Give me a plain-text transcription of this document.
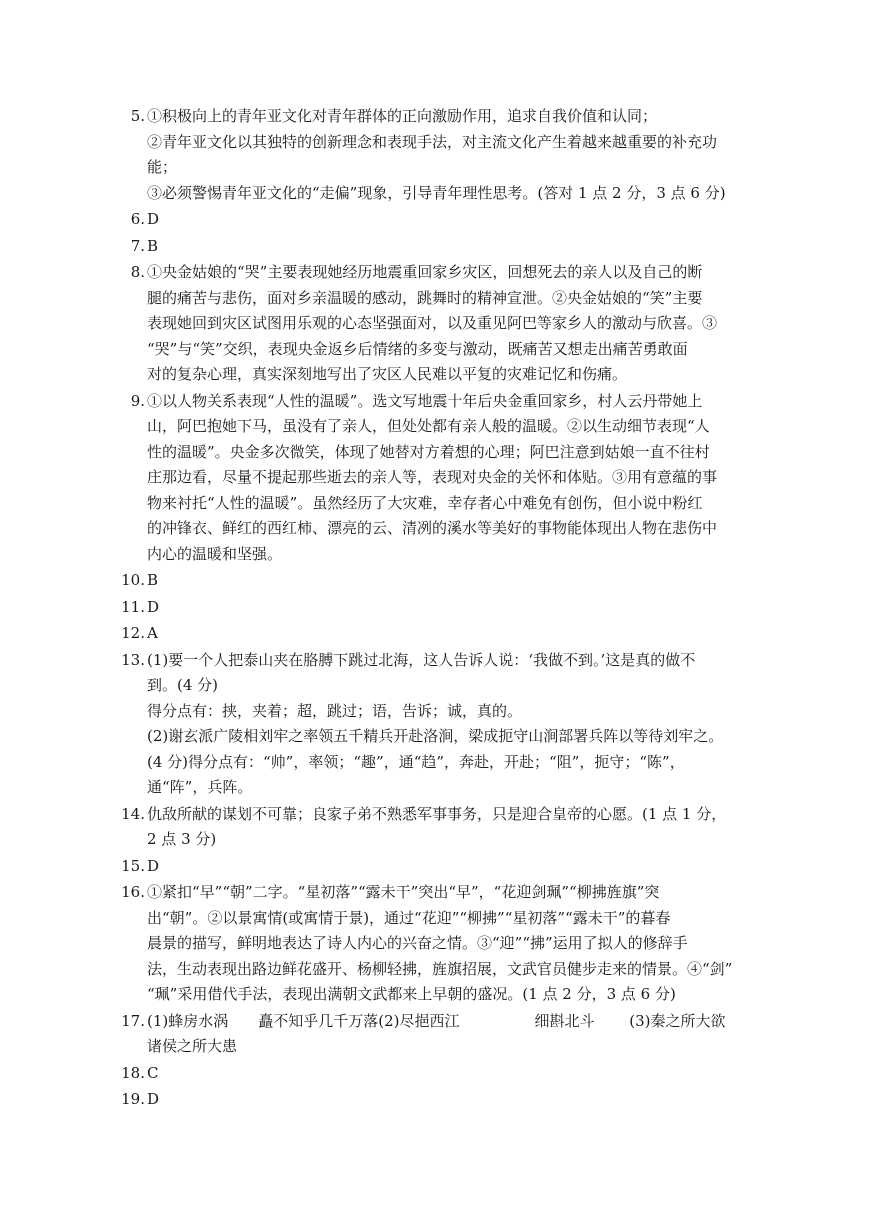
5. ①积极向上的青年亚文化对青年群体的正向激励作用，追求自我价值和认同；
②青年亚文化以其独特的创新理念和表现手法，对主流文化产生着越来越重要的补充功
能；
③必须警惕青年亚文化的“走偏”现象，引导青年理性思考。(答对 1 点 2 分，3 点 6 分)
6. D
7. B
8. ①央金姑娘的“哭”主要表现她经历地震重回家乡灾区，回想死去的亲人以及自己的断
腿的痛苦与悲伤，面对乡亲温暖的感动，跳舞时的精神宣泄。②央金姑娘的“笑”主要
表现她回到灾区试图用乐观的心态坚强面对，以及重见阿巴等家乡人的激动与欣喜。③
“哭”与“笑”交织，表现央金返乡后情绪的多变与激动，既痛苦又想走出痛苦勇敢面
对的复杂心理，真实深刻地写出了灾区人民难以平复的灾难记忆和伤痛。
9. ①以人物关系表现“人性的温暖”。选文写地震十年后央金重回家乡，村人云丹带她上
山，阿巴抱她下马，虽没有了亲人，但处处都有亲人般的温暖。②以生动细节表现“人
性的温暖”。央金多次微笑，体现了她替对方着想的心理；阿巴注意到姑娘一直不往村
庄那边看，尽量不提起那些逝去的亲人等，表现对央金的关怀和体贴。③用有意蕴的事
物来衬托“人性的温暖”。虽然经历了大灾难，幸存者心中难免有创伤，但小说中粉红
的冲锋衣、鲜红的西红柿、漂亮的云、清冽的溪水等美好的事物能体现出人物在悲伤中
内心的温暖和坚强。
10. B
11. D
12. A
13. (1)要一个人把泰山夹在胳膊下跳过北海，这人告诉人说：‘我做不到。’这是真的做不
到。(4 分)
得分点有：挟，夹着；超，跳过；语，告诉；诚，真的。
(2)谢玄派广陵相刘牢之率领五千精兵开赴洛涧，梁成扼守山涧部署兵阵以等待刘牢之。
(4 分)得分点有：“帅”，率领；“趣”，通“趋”，奔赴，开赴；“阻”，扼守；“陈”，
通“阵”，兵阵。
14. 仇敌所献的谋划不可靠；良家子弟不熟悉军事事务，只是迎合皇帝的心愿。(1 点 1 分，
2 点 3 分)
15. D
16. ①紧扣“早”“朝”二字。“星初落”“露未干”突出“早”，“花迎剑珮”“柳拂旌旗”突
出“朝”。②以景寓情(或寓情于景)，通过“花迎”“柳拂”“星初落”“露未干”的暮春
晨景的描写，鲜明地表达了诗人内心的兴奋之情。③“迎”“拂”运用了拟人的修辞手
法，生动表现出路边鲜花盛开、杨柳轻拂，旌旗招展，文武官员健步走来的情景。④“剑”
“珮”采用借代手法，表现出满朝文武都来上早朝的盛况。(1 点 2 分，3 点 6 分)
17. (1)蜂房水涡　　矗不知乎几千万落(2)尽挹西江　　　　　细斟北斗　　 (3)秦之所大欲
诸侯之所大患
18. C
19. D
